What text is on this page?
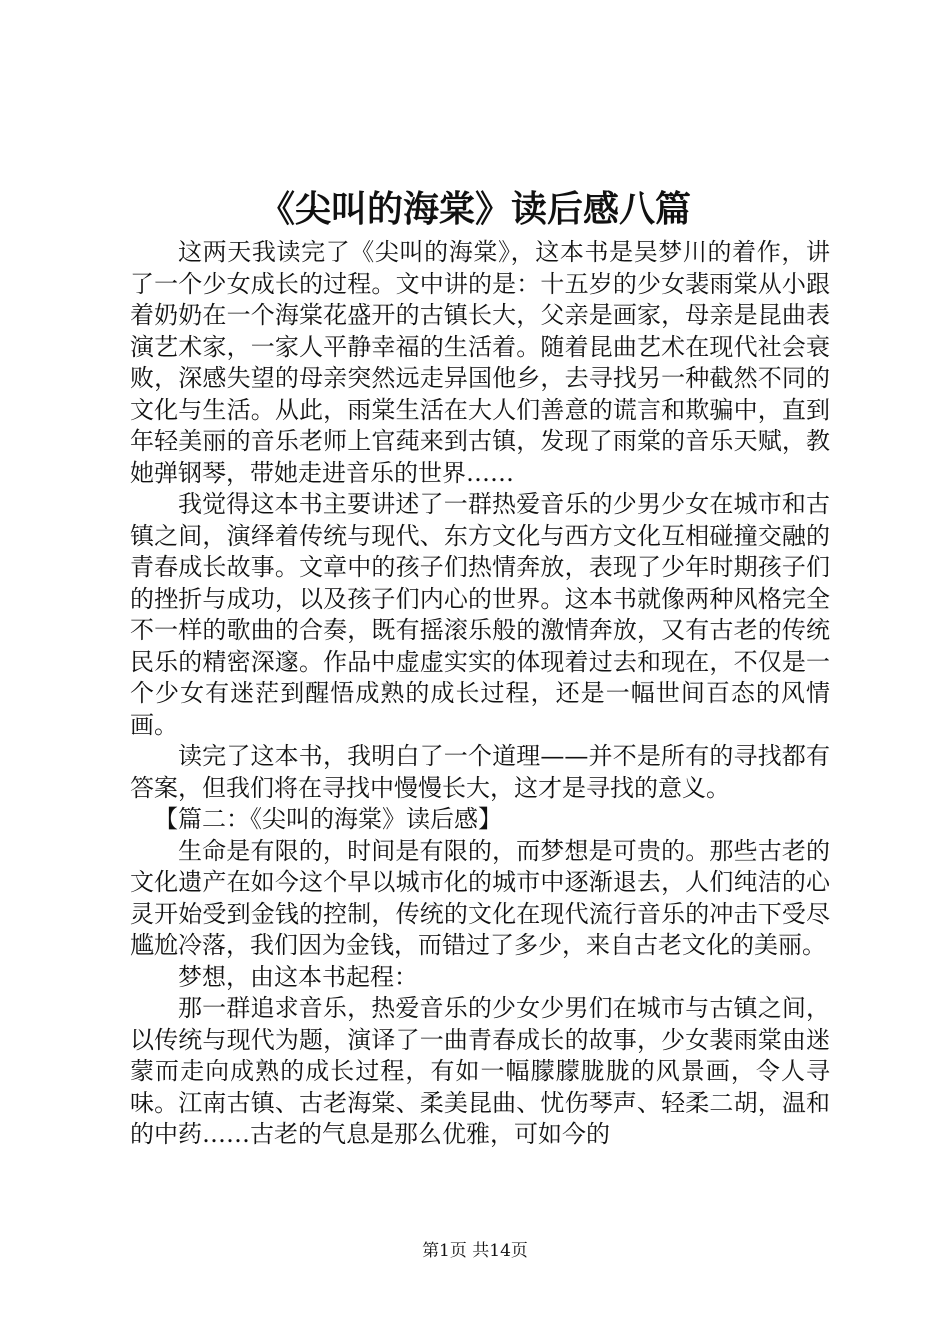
《尖叫的海棠》读后感八篇

这两天我读完了《尖叫的海棠》，这本书是吴梦川的着作，讲了一个少女成长的过程。文中讲的是：十五岁的少女裴雨棠从小跟着奶奶在一个海棠花盛开的古镇长大，父亲是画家，母亲是昆曲表演艺术家，一家人平静幸福的生活着。随着昆曲艺术在现代社会衰败，深感失望的母亲突然远走异国他乡，去寻找另一种截然不同的文化与生活。从此，雨棠生活在大人们善意的谎言和欺骗中，直到年轻美丽的音乐老师上官莼来到古镇，发现了雨棠的音乐天赋，教她弹钢琴，带她走进音乐的世界……

我觉得这本书主要讲述了一群热爱音乐的少男少女在城市和古镇之间，演绎着传统与现代、东方文化与西方文化互相碰撞交融的青春成长故事。文章中的孩子们热情奔放，表现了少年时期孩子们的挫折与成功，以及孩子们内心的世界。这本书就像两种风格完全不一样的歌曲的合奏，既有摇滚乐般的激情奔放，又有古老的传统民乐的精密深邃。作品中虚虚实实的体现着过去和现在，不仅是一个少女有迷茫到醒悟成熟的成长过程，还是一幅世间百态的风情画。

读完了这本书，我明白了一个道理——并不是所有的寻找都有答案，但我们将在寻找中慢慢长大，这才是寻找的意义。

【篇二：《尖叫的海棠》读后感】

生命是有限的，时间是有限的，而梦想是可贵的。那些古老的文化遗产在如今这个早以城市化的城市中逐渐退去，人们纯洁的心灵开始受到金钱的控制，传统的文化在现代流行音乐的冲击下受尽尴尬冷落，我们因为金钱，而错过了多少，来自古老文化的美丽。

梦想，由这本书起程：

那一群追求音乐，热爱音乐的少女少男们在城市与古镇之间，以传统与现代为题，演译了一曲青春成长的故事，少女裴雨棠由迷蒙而走向成熟的成长过程，有如一幅朦朦胧胧的风景画，令人寻味。江南古镇、古老海棠、柔美昆曲、忧伤琴声、轻柔二胡，温和的中药……古老的气息是那么优雅，可如今的

第1页 共14页
